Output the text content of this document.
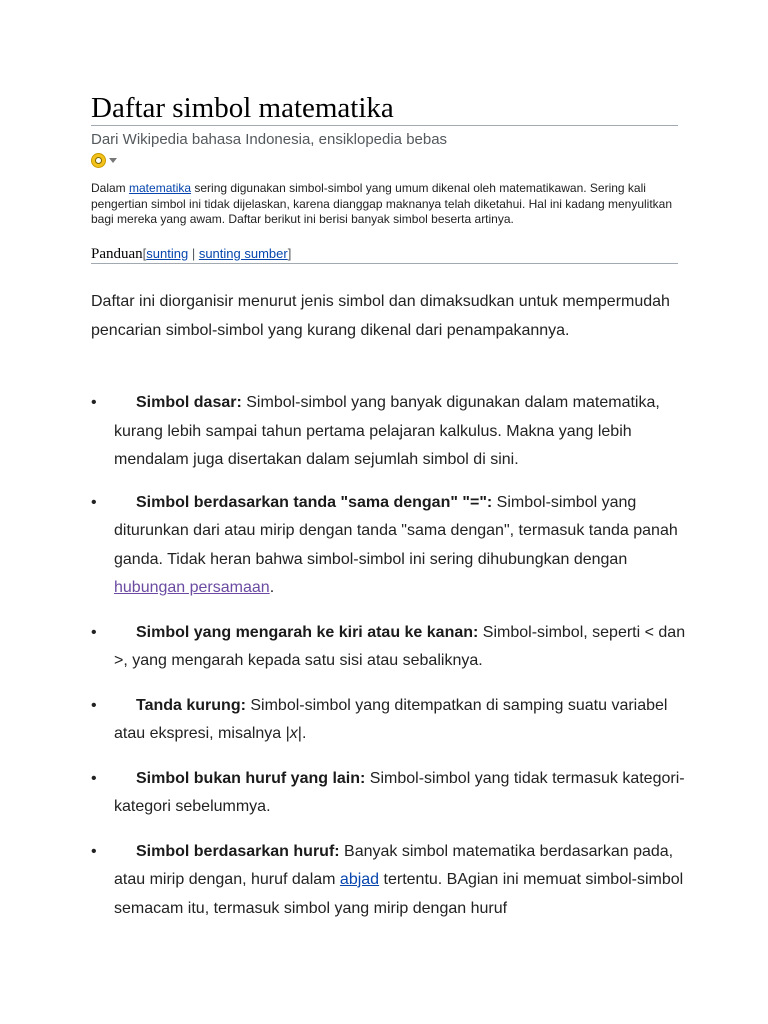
Daftar simbol matematika
Dari Wikipedia bahasa Indonesia, ensiklopedia bebas
Dalam matematika sering digunakan simbol-simbol yang umum dikenal oleh matematikawan. Sering kali pengertian simbol ini tidak dijelaskan, karena dianggap maknanya telah diketahui. Hal ini kadang menyulitkan bagi mereka yang awam. Daftar berikut ini berisi banyak simbol beserta artinya.
Panduan[sunting | sunting sumber]
Daftar ini diorganisir menurut jenis simbol dan dimaksudkan untuk mempermudah pencarian simbol-simbol yang kurang dikenal dari penampakannya.
• Simbol dasar: Simbol-simbol yang banyak digunakan dalam matematika, kurang lebih sampai tahun pertama pelajaran kalkulus. Makna yang lebih mendalam juga disertakan dalam sejumlah simbol di sini.
• Simbol berdasarkan tanda "sama dengan" "=": Simbol-simbol yang diturunkan dari atau mirip dengan tanda "sama dengan", termasuk tanda panah ganda. Tidak heran bahwa simbol-simbol ini sering dihubungkan dengan hubungan persamaan.
• Simbol yang mengarah ke kiri atau ke kanan: Simbol-simbol, seperti < dan >, yang mengarah kepada satu sisi atau sebaliknya.
• Tanda kurung: Simbol-simbol yang ditempatkan di samping suatu variabel atau ekspresi, misalnya |x|.
• Simbol bukan huruf yang lain: Simbol-simbol yang tidak termasuk kategori-kategori sebelummya.
• Simbol berdasarkan huruf: Banyak simbol matematika berdasarkan pada, atau mirip dengan, huruf dalam abjad tertentu. BAgian ini memuat simbol-simbol semacam itu, termasuk simbol yang mirip dengan huruf
